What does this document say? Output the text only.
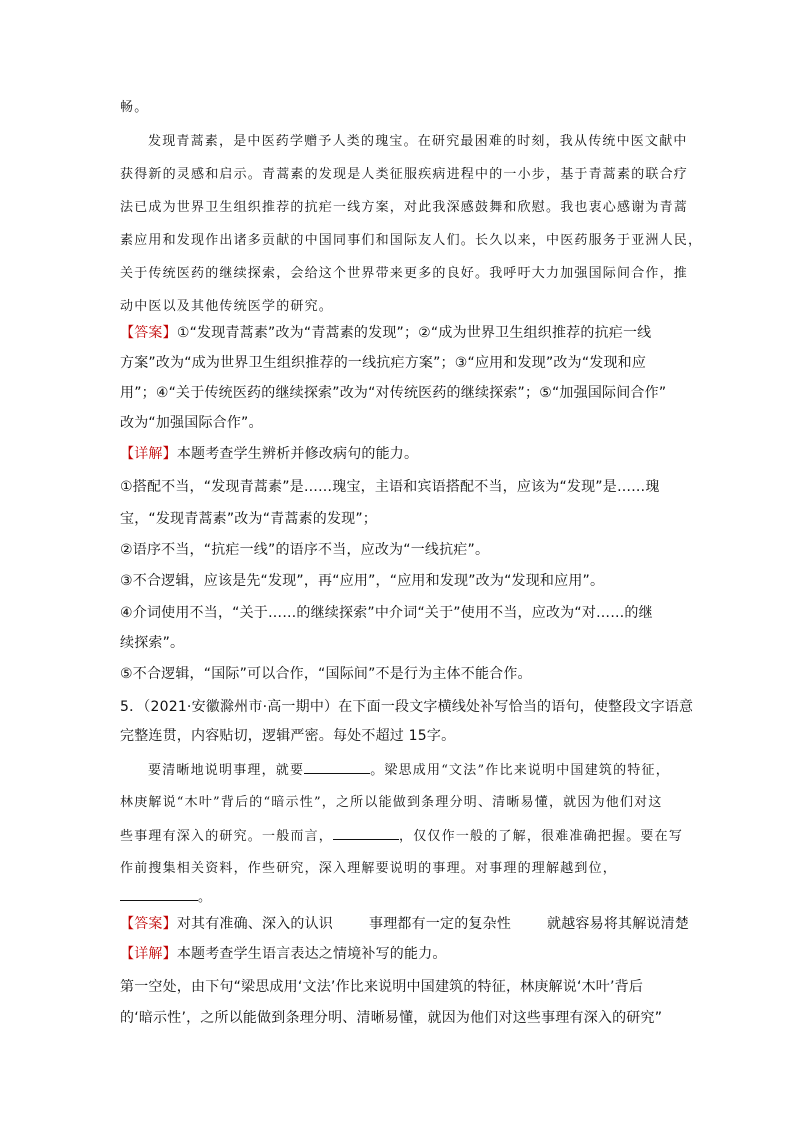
畅。
发现青蒿素，是中医药学赠予人类的瑰宝。在研究最困难的时刻，我从传统中医文献中
获得新的灵感和启示。青蒿素的发现是人类征服疾病进程中的一小步，基于青蒿素的联合疗
法已成为世界卫生组织推荐的抗疟一线方案，对此我深感鼓舞和欣慰。我也衷心感谢为青蒿
素应用和发现作出诸多贡献的中国同事们和国际友人们。长久以来，中医药服务于亚洲人民，
关于传统医药的继续探索，会给这个世界带来更多的良好。我呼吁大力加强国际间合作，推
动中医以及其他传统医学的研究。
【答案】①“发现青蒿素”改为“青蒿素的发现”；②“成为世界卫生组织推荐的抗疟一线
方案”改为“成为世界卫生组织推荐的一线抗疟方案”；③“应用和发现”改为“发现和应
用”；④“关于传统医药的继续探索”改为“对传统医药的继续探索”；⑤“加强国际间合作”
改为“加强国际合作”。
【详解】本题考查学生辨析并修改病句的能力。
①搭配不当，“发现青蒿素”是……瑰宝，主语和宾语搭配不当，应该为“发现”是……瑰
宝，“发现青蒿素”改为“青蒿素的发现”；
②语序不当，“抗疟一线”的语序不当，应改为“一线抗疟”。
③不合逻辑，应该是先“发现”，再“应用”，“应用和发现”改为“发现和应用”。
④介词使用不当，“关于……的继续探索”中介词“关于”使用不当，应改为“对……的继
续探索”。
⑤不合逻辑，“国际”可以合作，“国际间”不是行为主体不能合作。
5．（2021·安徽滁州市·高一期中）在下面一段文字横线处补写恰当的语句，使整段文字语意
完整连贯，内容贴切，逻辑严密。每处不超过 15字。
要清晰地说明事理，就要	。梁思成用“文法”作比来说明中国建筑的特征，
林庚解说“木叶”背后的“暗示性”，之所以能做到条理分明、清晰易懂，就因为他们对这
些事理有深入的研究。一般而言，	，仅仅作一般的了解，很难准确把握。要在写
作前搜集相关资料，作些研究，深入理解要说明的事理。对事理的理解越到位，
。
【答案】对其有准确、深入的认识	事理都有一定的复杂性	就越容易将其解说清楚
【详解】本题考查学生语言表达之情境补写的能力。
第一空处，由下句“梁思成用‘文法’作比来说明中国建筑的特征，林庚解说‘木叶’背后
的‘暗示性’，之所以能做到条理分明、清晰易懂，就因为他们对这些事理有深入的研究”
